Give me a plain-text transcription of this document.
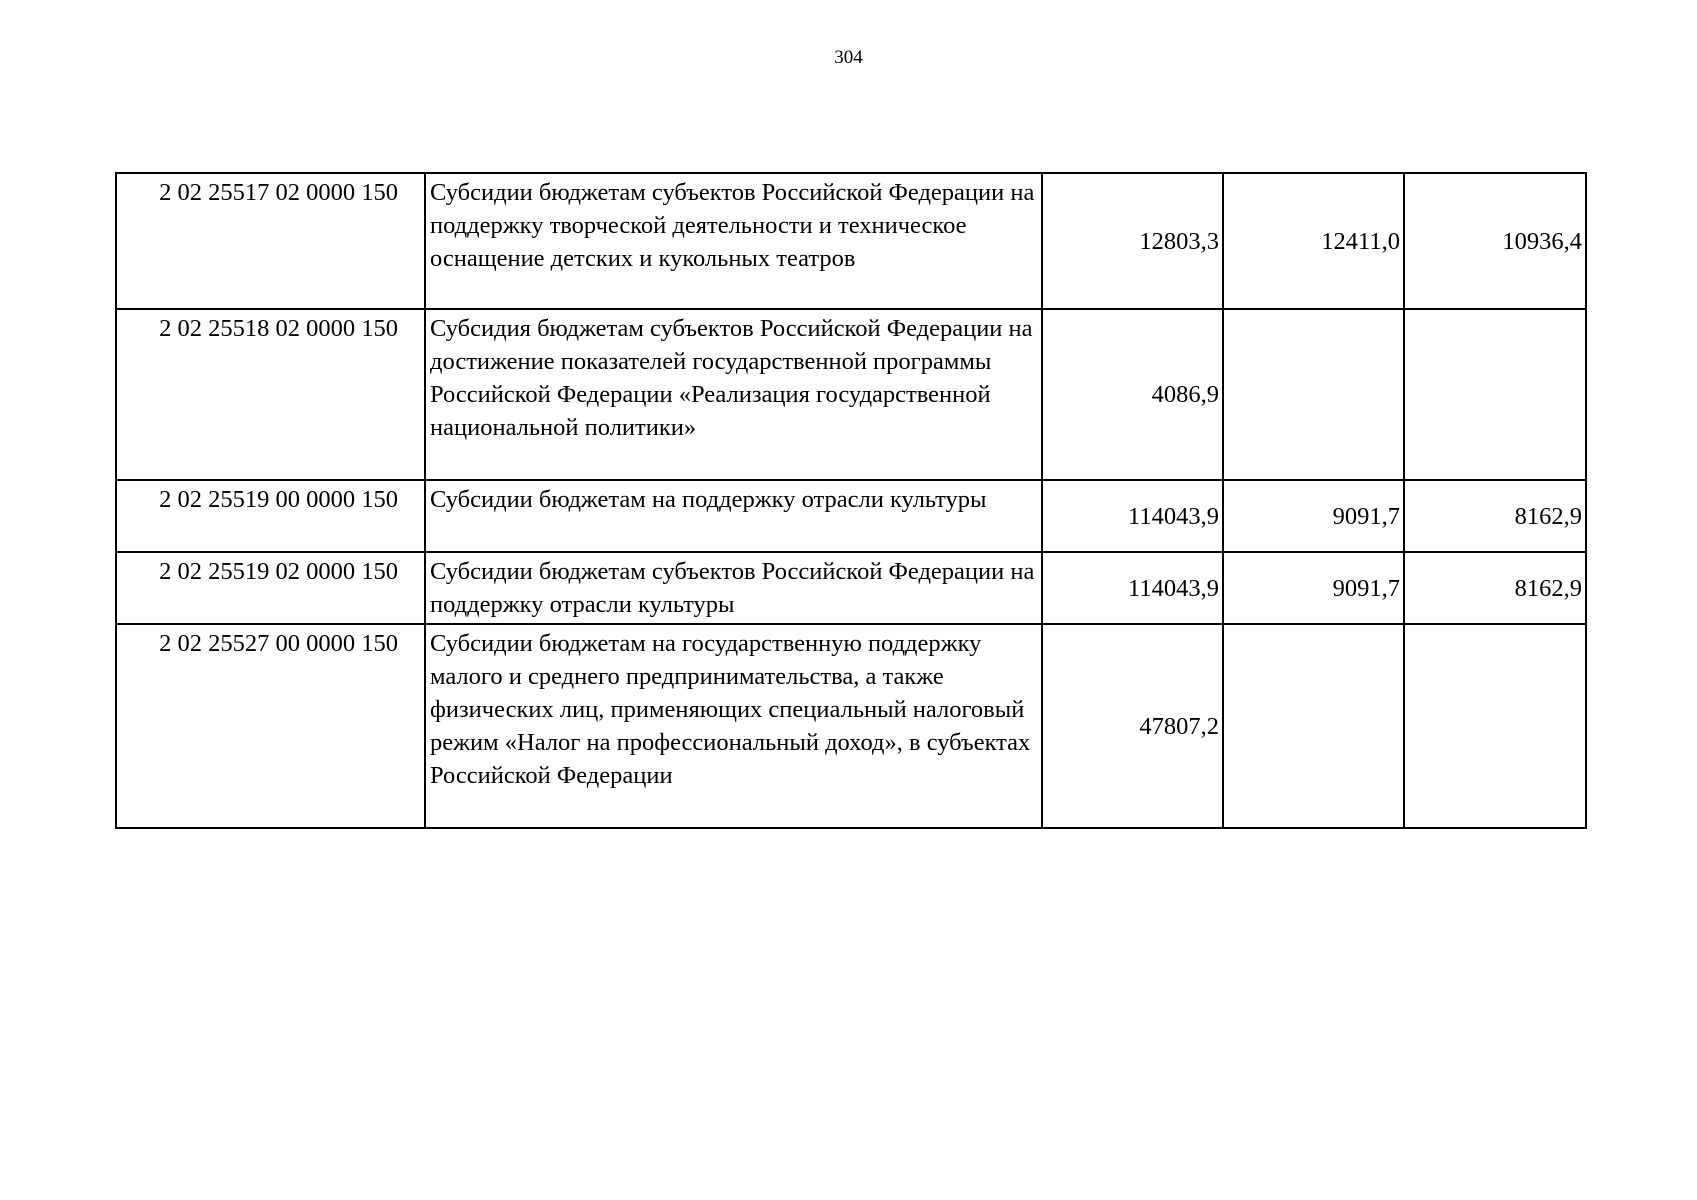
304
2 02 25517 02 0000 150	Субсидии бюджетам субъектов Российской Федерации на поддержку творческой деятельности и техническое оснащение детских и кукольных театров	12803,3	12411,0	10936,4
2 02 25518 02 0000 150	Субсидия бюджетам субъектов Российской Федерации на достижение показателей государственной программы Российской Федерации «Реализация государственной национальной политики»	4086,9		
2 02 25519 00 0000 150	Субсидии бюджетам на поддержку отрасли культуры	114043,9	9091,7	8162,9
2 02 25519 02 0000 150	Субсидии бюджетам субъектов Российской Федерации на поддержку отрасли культуры	114043,9	9091,7	8162,9
2 02 25527 00 0000 150	Субсидии бюджетам на государственную поддержку малого и среднего предпринимательства, а также физических лиц, применяющих специальный налоговый режим «Налог на профессиональный доход», в субъектах Российской Федерации	47807,2		
